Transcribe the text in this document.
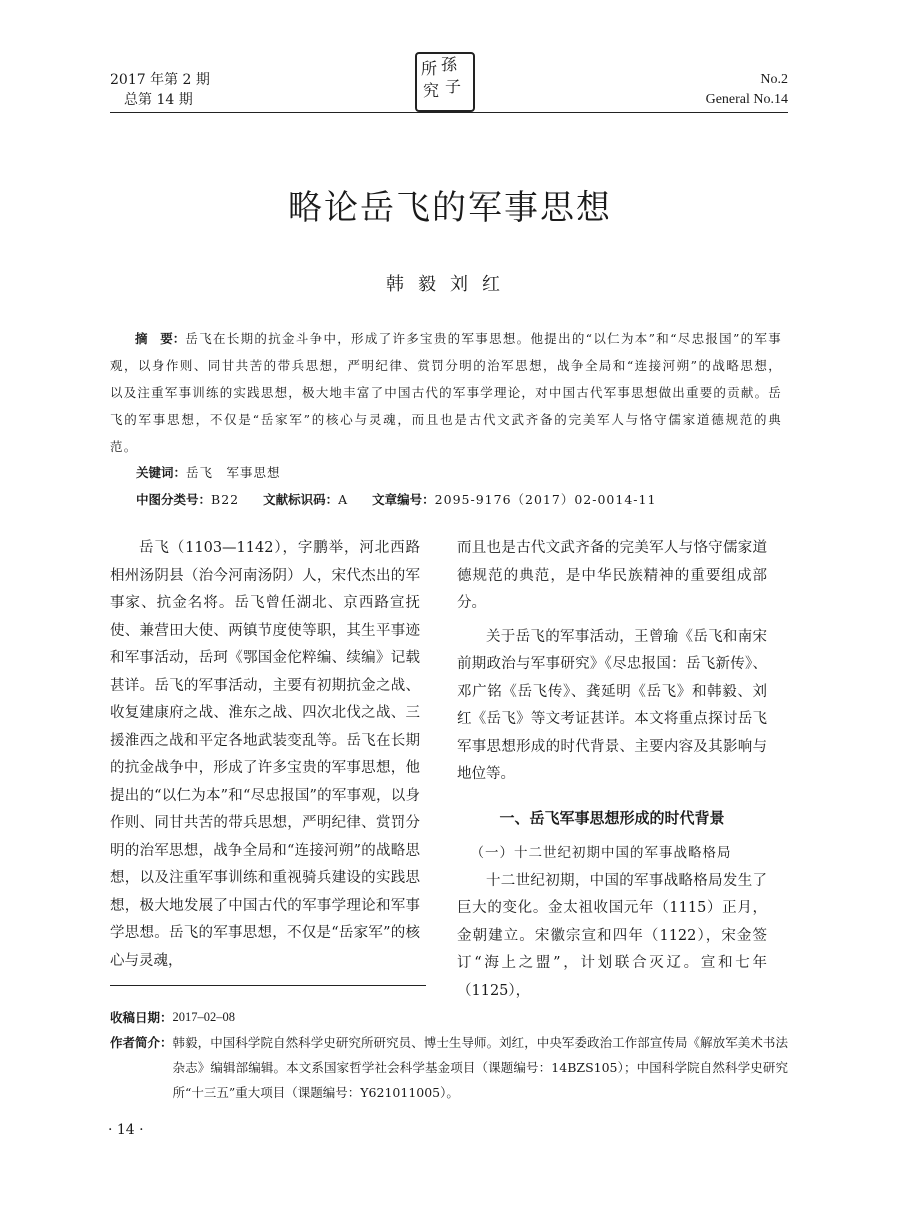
2017 年第 2 期
总第 14 期
所 孫
究 子	No.2
General No.14
略论岳飞的军事思想
韩毅刘红
摘　要：岳飞在长期的抗金斗争中，形成了许多宝贵的军事思想。他提出的“以仁为本”和“尽忠报国”的军事观，以身作则、同甘共苦的带兵思想，严明纪律、赏罚分明的治军思想，战争全局和“连接河朔”的战略思想，以及注重军事训练的实践思想，极大地丰富了中国古代的军事学理论，对中国古代军事思想做出重要的贡献。岳飞的军事思想，不仅是“岳家军”的核心与灵魂，而且也是古代文武齐备的完美军人与恪守儒家道德规范的典范。
关键词：岳飞　军事思想
中图分类号：B22 文献标识码：A 文章编号：2095-9176（2017）02-0014-11

岳飞（1103—1142），字鹏举，河北西路相州汤阴县（治今河南汤阴）人，宋代杰出的军事家、抗金名将。岳飞曾任湖北、京西路宣抚使、兼营田大使、两镇节度使等职，其生平事迹和军事活动，岳珂《鄂国金佗粹编、续编》记载甚详。岳飞的军事活动，主要有初期抗金之战、收复建康府之战、淮东之战、四次北伐之战、三援淮西之战和平定各地武装变乱等。岳飞在长期的抗金战争中，形成了许多宝贵的军事思想，他提出的“以仁为本”和“尽忠报国”的军事观，以身作则、同甘共苦的带兵思想，严明纪律、赏罚分明的治军思想，战争全局和“连接河朔”的战略思想，以及注重军事训练和重视骑兵建设的实践思想，极大地发展了中国古代的军事学理论和军事学思想。岳飞的军事思想，不仅是“岳家军”的核心与灵魂，

而且也是古代文武齐备的完美军人与恪守儒家道德规范的典范，是中华民族精神的重要组成部分。

关于岳飞的军事活动，王曾瑜《岳飞和南宋前期政治与军事研究》《尽忠报国：岳飞新传》、邓广铭《岳飞传》、龚延明《岳飞》和韩毅、刘红《岳飞》等文考证甚详。本文将重点探讨岳飞军事思想形成的时代背景、主要内容及其影响与地位等。

一、岳飞军事思想形成的时代背景

（一）十二世纪初期中国的军事战略格局

十二世纪初期，中国的军事战略格局发生了巨大的变化。金太祖收国元年（1115）正月，金朝建立。宋徽宗宣和四年（1122），宋金签订“海上之盟”，计划联合灭辽。宣和七年（1125），

收稿日期： 2017–02–08
作者简介： 韩毅，中国科学院自然科学史研究所研究员、博士生导师。刘红，中央军委政治工作部宣传局《解放军美术书法杂志》编辑部编辑。本文系国家哲学社会科学基金项目（课题编号：14BZS105）；中国科学院自然科学史研究所“十三五”重大项目（课题编号：Y621011005）。
· 14 ·
